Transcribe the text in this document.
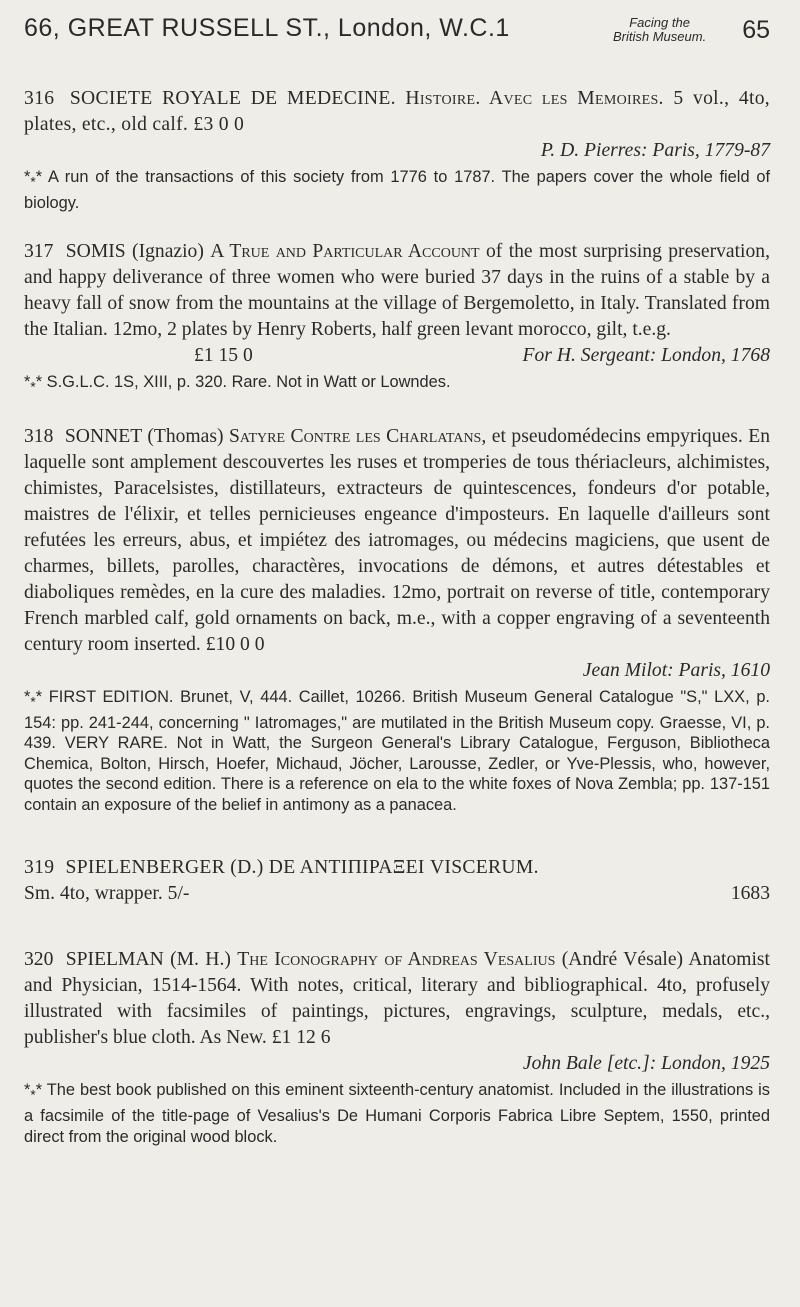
66, GREAT RUSSELL ST., London, W.C.1	Facing the
British Museum. 65

316 SOCIETE ROYALE DE MEDECINE. Histoire. Avec les Memoires. 5 vol., 4to, plates, etc., old calf. £3 0 0

P. D. Pierres: Paris, 1779-87
$*_**$ A run of the transactions of this society from 1776 to 1787. The papers cover the whole field of biology.

317 SOMIS (Ignazio) A True and Particular Account of the most surprising preservation, and happy deliverance of three women who were buried 37 days in the ruins of a stable by a heavy fall of snow from the mountains at the village of Bergemoletto, in Italy. Translated from the Italian. 12mo, 2 plates by Henry Roberts, half green levant morocco, gilt, t.e.g.

£1 15 0	For H. Sergeant: London, 1768
$*_**$ S.G.L.C. 1S, XIII, p. 320. Rare. Not in Watt or Lowndes.

318 SONNET (Thomas) Satyre Contre les Charlatans, et pseudomédecins empyriques. En laquelle sont amplement descouvertes les ruses et tromperies de tous thériacleurs, alchimistes, chimistes, Paracelsistes, distillateurs, extracteurs de quintescences, fondeurs d'or potable, maistres de l'élixir, et telles pernicieuses engeance d'imposteurs. En laquelle d'ailleurs sont refutées les erreurs, abus, et impiétez des iatromages, ou médecins magiciens, que usent de charmes, billets, parolles, charactères, invocations de démons, et autres détestables et diaboliques remèdes, en la cure des maladies. 12mo, portrait on reverse of title, contemporary French marbled calf, gold ornaments on back, m.e., with a copper engraving of a seventeenth century room inserted. £10 0 0

Jean Milot: Paris, 1610
$*_**$ FIRST EDITION. Brunet, V, 444. Caillet, 10266. British Museum General Catalogue "S," LXX, p. 154: pp. 241-244, concerning " Iatromages," are mutilated in the British Museum copy. Graesse, VI, p. 439. VERY RARE. Not in Watt, the Surgeon General's Library Catalogue, Ferguson, Bibliotheca Chemica, Bolton, Hirsch, Hoefer, Michaud, Jöcher, Larousse, Zedler, or Yve-Plessis, who, however, quotes the second edition. There is a reference on ela to the white foxes of Nova Zembla; pp. 137-151 contain an exposure of the belief in antimony as a panacea.

319 SPIELENBERGER (D.) DE ANTIΠΙΡΑΞΕΙ VISCERUM.

Sm. 4to, wrapper. 5/-	1683

320 SPIELMAN (M. H.) The Iconography of Andreas Vesalius (André Vésale) Anatomist and Physician, 1514-1564. With notes, critical, literary and bibliographical. 4to, profusely illustrated with facsimiles of paintings, pictures, engravings, sculpture, medals, etc., publisher's blue cloth. As New. £1 12 6

John Bale [etc.]: London, 1925
$*_**$ The best book published on this eminent sixteenth-century anatomist. Included in the illustrations is a facsimile of the title-page of Vesalius's De Humani Corporis Fabrica Libre Septem, 1550, printed direct from the original wood block.
